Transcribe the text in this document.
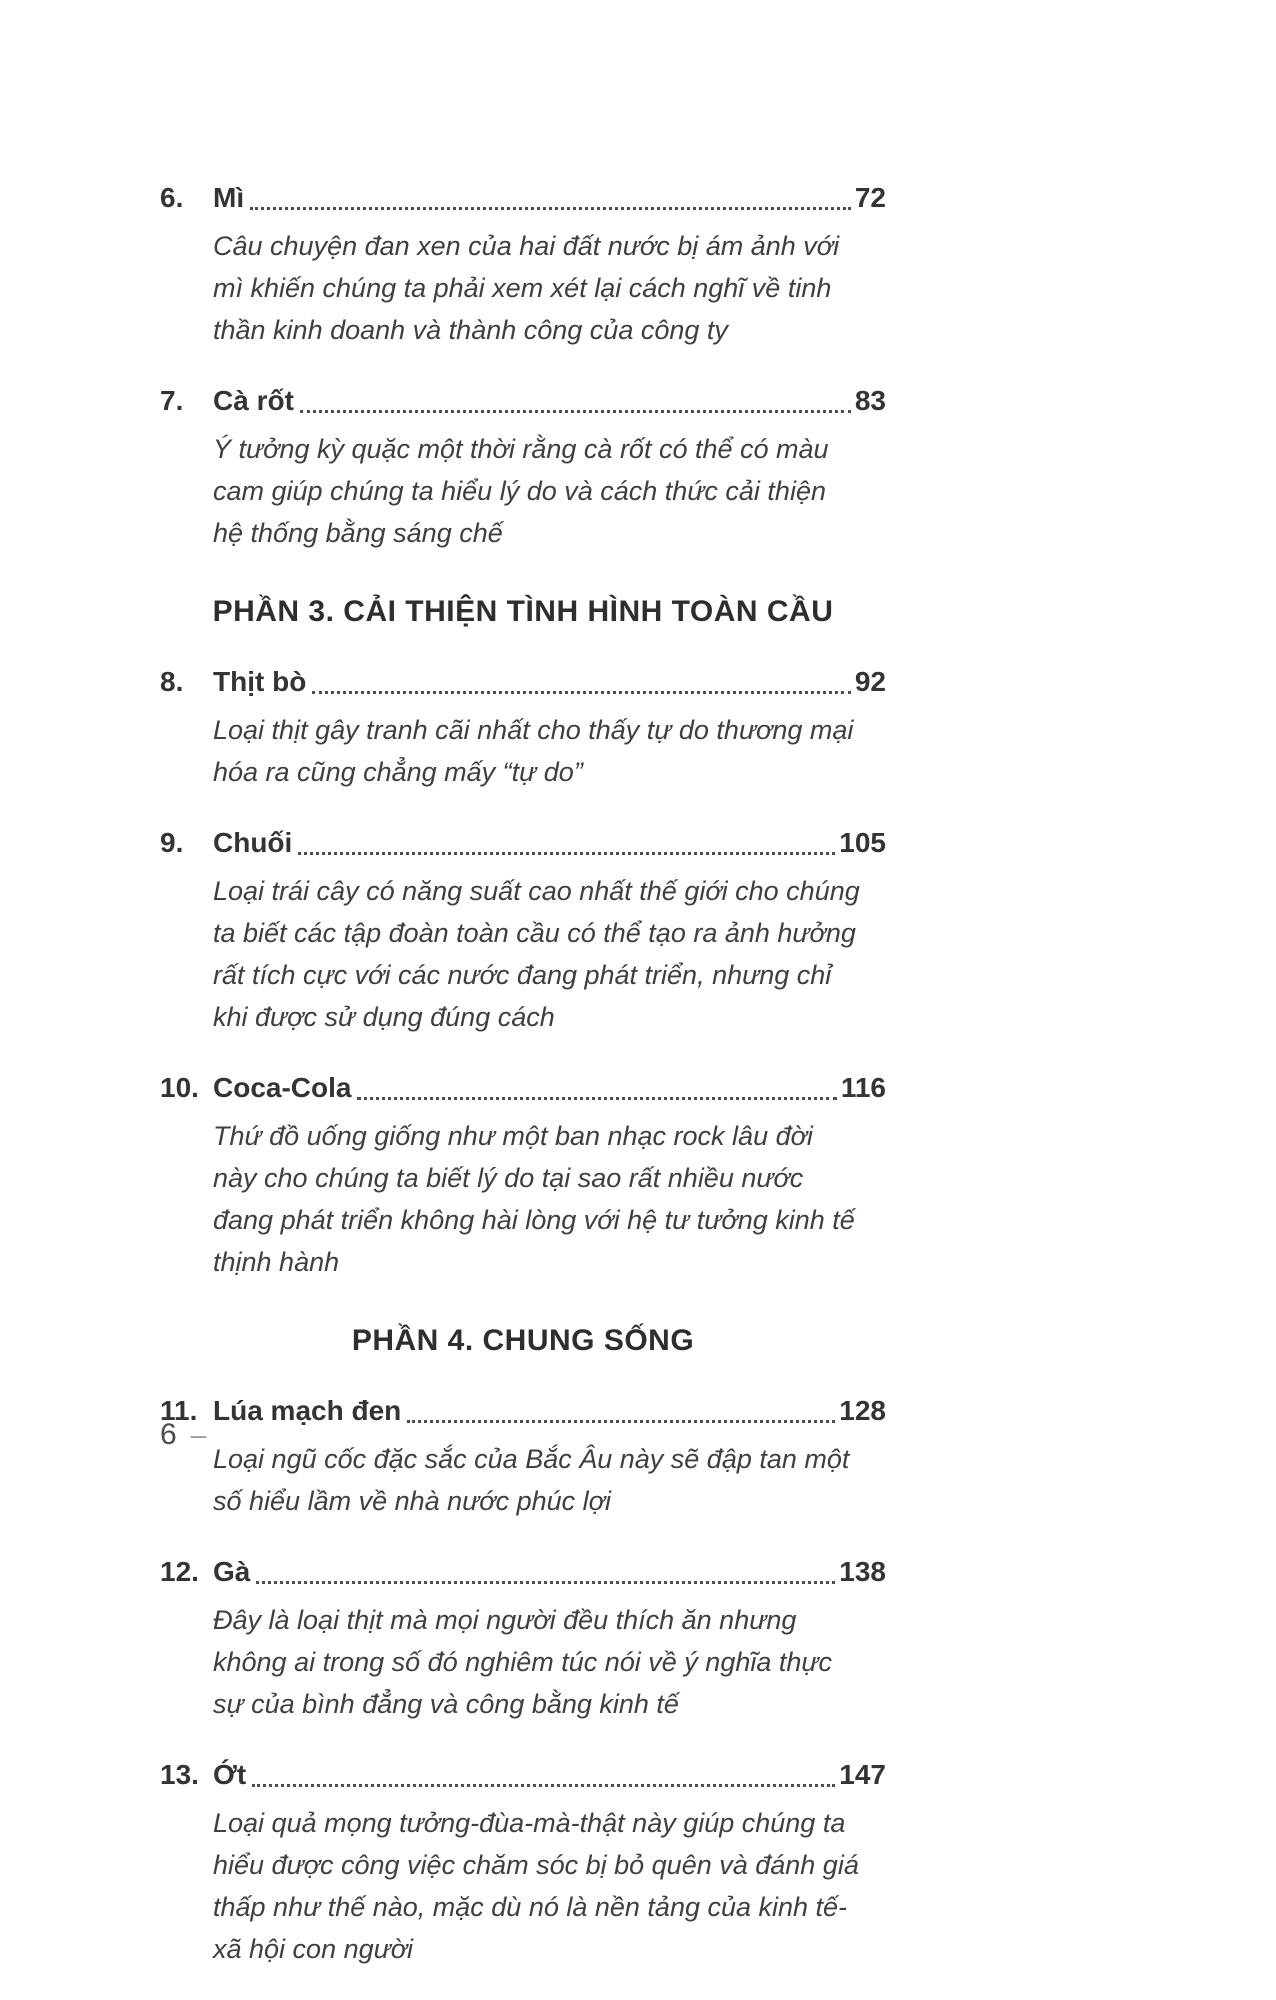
6.	Mì	72
Câu chuyện đan xen của hai đất nước bị ám ảnh với mì khiến chúng ta phải xem xét lại cách nghĩ về tinh thần kinh doanh và thành công của công ty
7.	Cà rốt	83
Ý tưởng kỳ quặc một thời rằng cà rốt có thể có màu cam giúp chúng ta hiểu lý do và cách thức cải thiện hệ thống bằng sáng chế
PHẦN 3. CẢI THIỆN TÌNH HÌNH TOÀN CẦU
8.	Thịt bò	92
Loại thịt gây tranh cãi nhất cho thấy tự do thương mại hóa ra cũng chẳng mấy “tự do”
9.	Chuối	105
Loại trái cây có năng suất cao nhất thế giới cho chúng ta biết các tập đoàn toàn cầu có thể tạo ra ảnh hưởng rất tích cực với các nước đang phát triển, nhưng chỉ khi được sử dụng đúng cách
10. Coca-Cola	116
Thứ đồ uống giống như một ban nhạc rock lâu đời này cho chúng ta biết lý do tại sao rất nhiều nước đang phát triển không hài lòng với hệ tư tưởng kinh tế thịnh hành
PHẦN 4. CHUNG SỐNG
11. Lúa mạch đen	128
Loại ngũ cốc đặc sắc của Bắc Âu này sẽ đập tan một số hiểu lầm về nhà nước phúc lợi
12. Gà	138
Đây là loại thịt mà mọi người đều thích ăn nhưng không ai trong số đó nghiêm túc nói về ý nghĩa thực sự của bình đẳng và công bằng kinh tế
13. Ớt	147
Loại quả mọng tưởng-đùa-mà-thật này giúp chúng ta hiểu được công việc chăm sóc bị bỏ quên và đánh giá thấp như thế nào, mặc dù nó là nền tảng của kinh tế-xã hội con người
6 –
